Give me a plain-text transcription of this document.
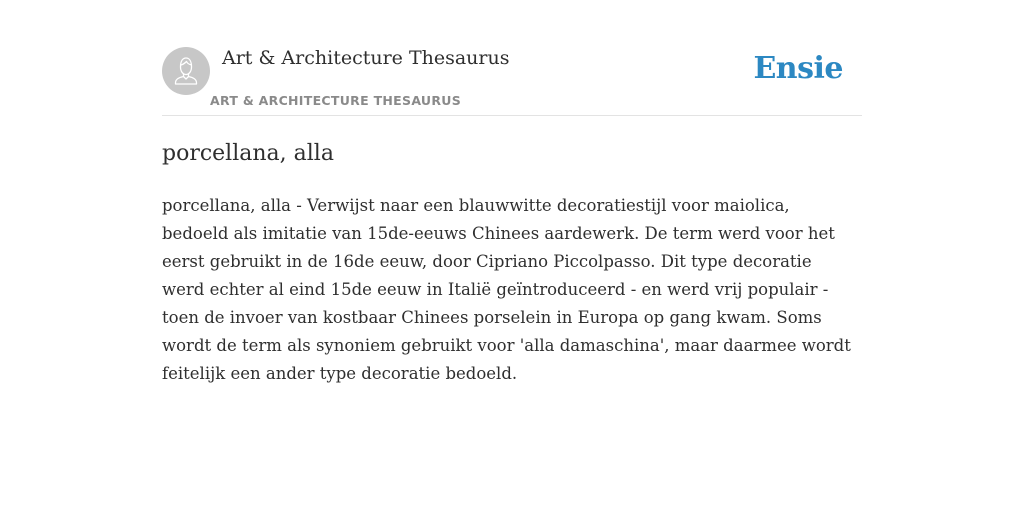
Art & Architecture Thesaurus
ART & ARCHITECTURE THESAURUS
Ensie
porcellana, alla

porcellana, alla - Verwijst naar een blauwwitte decoratiestijl voor maiolica,
bedoeld als imitatie van 15de-eeuws Chinees aardewerk. De term werd voor het
eerst gebruikt in de 16de eeuw, door Cipriano Piccolpasso. Dit type decoratie
werd echter al eind 15de eeuw in Italië geïntroduceerd - en werd vrij populair -
toen de invoer van kostbaar Chinees porselein in Europa op gang kwam. Soms
wordt de term als synoniem gebruikt voor 'alla damaschina', maar daarmee wordt
feitelijk een ander type decoratie bedoeld.
